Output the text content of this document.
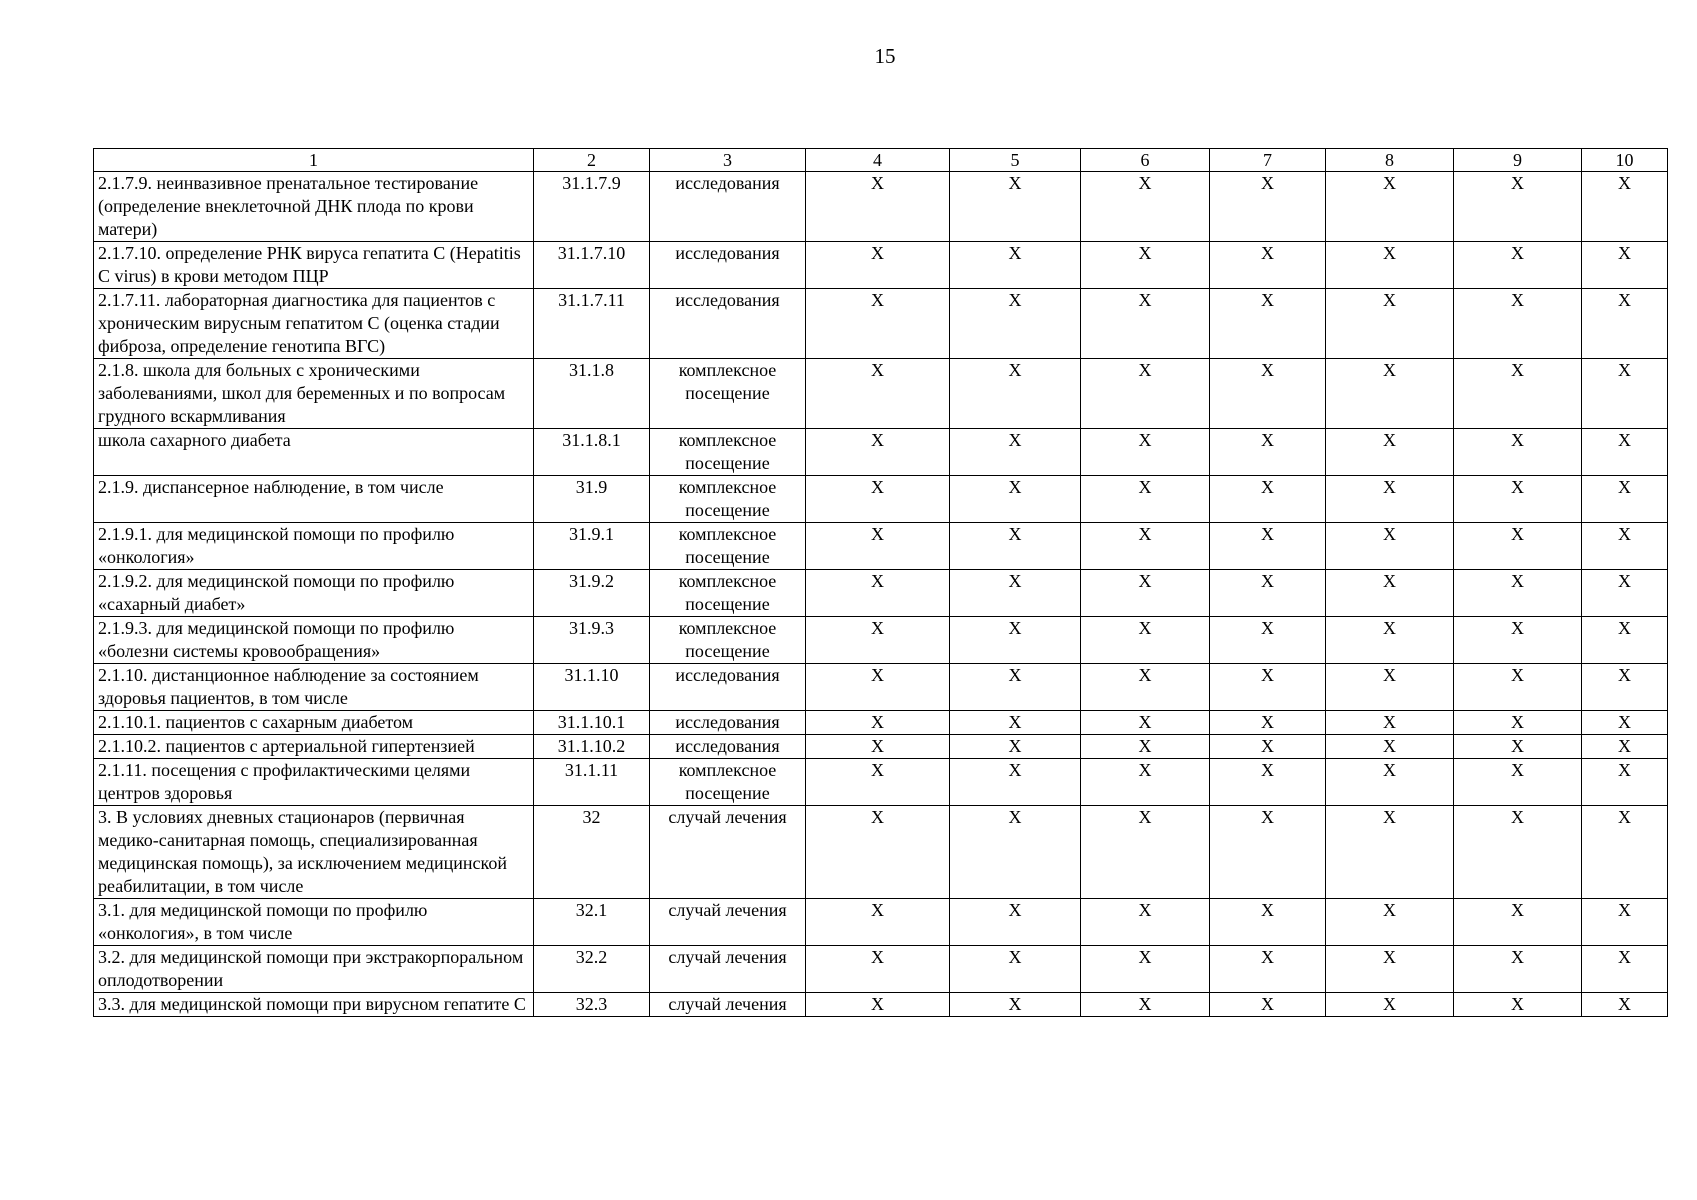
15
1	2	3	4	5	6	7	8	9	10
2.1.7.9. неинвазивное пренатальное тестирование (определение внеклеточной ДНК плода по крови матери)	31.1.7.9	исследования	X	X	X	X	X	X	X
2.1.7.10. определение РНК вируса гепатита С (Hepatitis C virus) в крови методом ПЦР	31.1.7.10	исследования	X	X	X	X	X	X	X
2.1.7.11. лабораторная диагностика для пациентов с хроническим вирусным гепатитом С (оценка стадии фиброза, определение генотипа ВГС)	31.1.7.11	исследования	X	X	X	X	X	X	X
2.1.8. школа для больных с хроническими заболеваниями, школ для беременных и по вопросам грудного вскармливания	31.1.8	комплексное посещение	X	X	X	X	X	X	X
школа сахарного диабета	31.1.8.1	комплексное посещение	X	X	X	X	X	X	X
2.1.9. диспансерное наблюдение, в том числе	31.9	комплексное посещение	X	X	X	X	X	X	X
2.1.9.1. для медицинской помощи по профилю «онкология»	31.9.1	комплексное посещение	X	X	X	X	X	X	X
2.1.9.2. для медицинской помощи по профилю «сахарный диабет»	31.9.2	комплексное посещение	X	X	X	X	X	X	X
2.1.9.3. для медицинской помощи по профилю «болезни системы кровообращения»	31.9.3	комплексное посещение	X	X	X	X	X	X	X
2.1.10. дистанционное наблюдение за состоянием здоровья пациентов, в том числе	31.1.10	исследования	X	X	X	X	X	X	X
2.1.10.1. пациентов с сахарным диабетом	31.1.10.1	исследования	X	X	X	X	X	X	X
2.1.10.2. пациентов с артериальной гипертензией	31.1.10.2	исследования	X	X	X	X	X	X	X
2.1.11. посещения с профилактическими целями центров здоровья	31.1.11	комплексное посещение	X	X	X	X	X	X	X
3. В условиях дневных стационаров (первичная медико-санитарная помощь, специализированная медицинская помощь), за исключением медицинской реабилитации, в том числе	32	случай лечения	X	X	X	X	X	X	X
3.1. для медицинской помощи по профилю «онкология», в том числе	32.1	случай лечения	X	X	X	X	X	X	X
3.2. для медицинской помощи при экстракорпоральном оплодотворении	32.2	случай лечения	X	X	X	X	X	X	X
3.3. для медицинской помощи при вирусном гепатите С	32.3	случай лечения	X	X	X	X	X	X	X
